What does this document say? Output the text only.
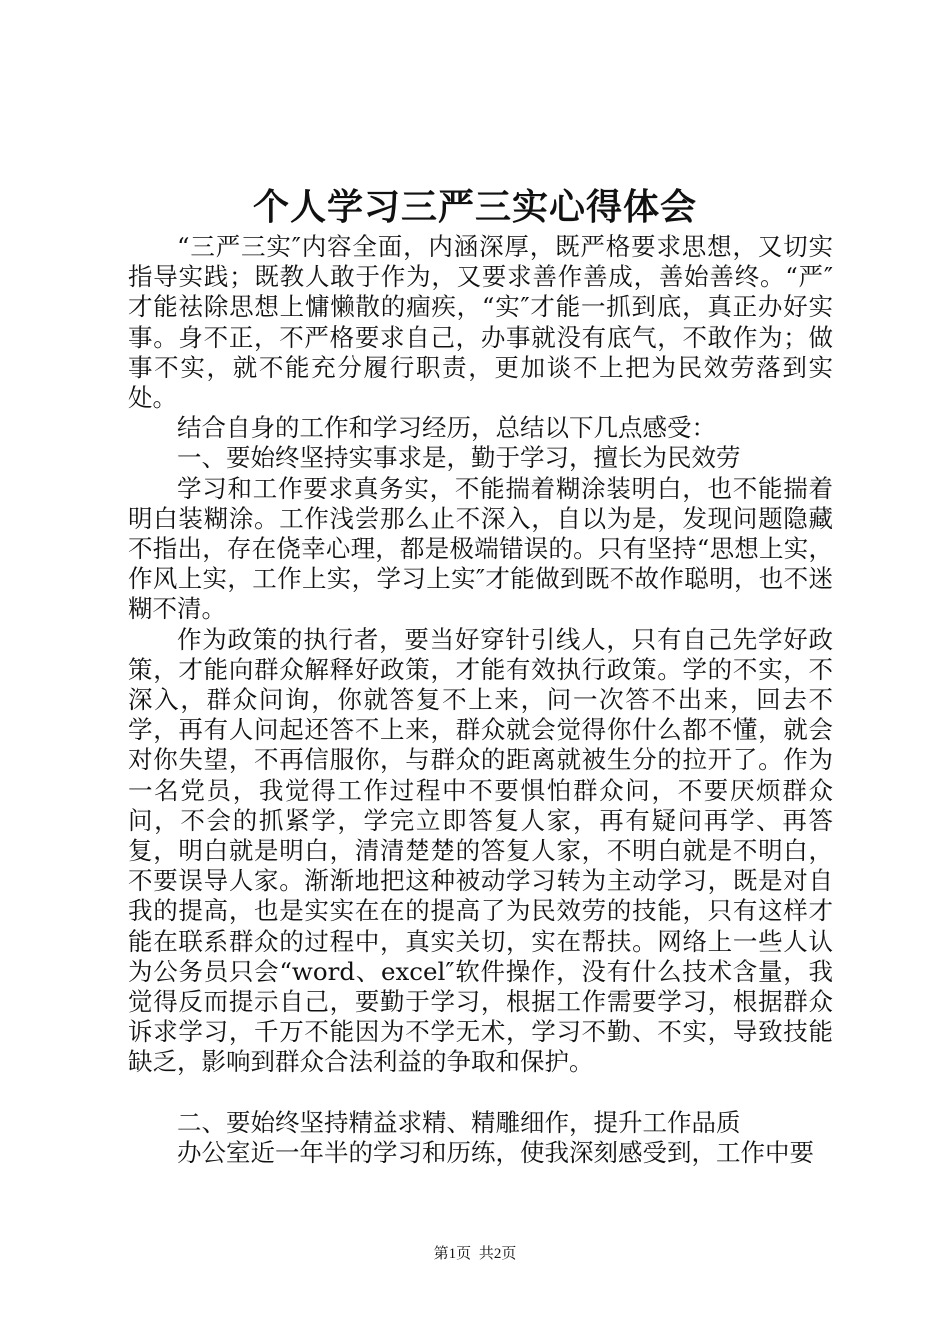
个人学习三严三实心得体会

“三严三实″内容全面，内涵深厚，既严格要求思想，又切实指导实践；既教人敢于作为，又要求善作善成，善始善终。“严″才能祛除思想上慵懒散的痼疾，“实″才能一抓到底，真正办好实事。身不正，不严格要求自己，办事就没有底气，不敢作为；做事不实，就不能充分履行职责，更加谈不上把为民效劳落到实处。

结合自身的工作和学习经历，总结以下几点感受：

一、要始终坚持实事求是，勤于学习，擅长为民效劳

学习和工作要求真务实，不能揣着糊涂装明白，也不能揣着明白装糊涂。工作浅尝那么止不深入，自以为是，发现问题隐藏不指出，存在侥幸心理，都是极端错误的。只有坚持“思想上实，作风上实，工作上实，学习上实″才能做到既不故作聪明，也不迷糊不清。

作为政策的执行者，要当好穿针引线人，只有自己先学好政策，才能向群众解释好政策，才能有效执行政策。学的不实，不深入，群众问询，你就答复不上来，问一次答不出来，回去不学，再有人问起还答不上来，群众就会觉得你什么都不懂，就会对你失望，不再信服你，与群众的距离就被生分的拉开了。作为一名党员，我觉得工作过程中不要惧怕群众问，不要厌烦群众问，不会的抓紧学，学完立即答复人家，再有疑问再学、再答复，明白就是明白，清清楚楚的答复人家，不明白就是不明白，不要误导人家。渐渐地把这种被动学习转为主动学习，既是对自我的提高，也是实实在在的提高了为民效劳的技能，只有这样才能在联系群众的过程中，真实关切，实在帮扶。网络上一些人认为公务员只会“word、excel″软件操作，没有什么技术含量，我觉得反而提示自己，要勤于学习，根据工作需要学习，根据群众诉求学习，千万不能因为不学无术，学习不勤、不实，导致技能缺乏，影响到群众合法利益的争取和保护。

二、要始终坚持精益求精、精雕细作，提升工作品质

办公室近一年半的学习和历练，使我深刻感受到，工作中要

第1页 共2页
